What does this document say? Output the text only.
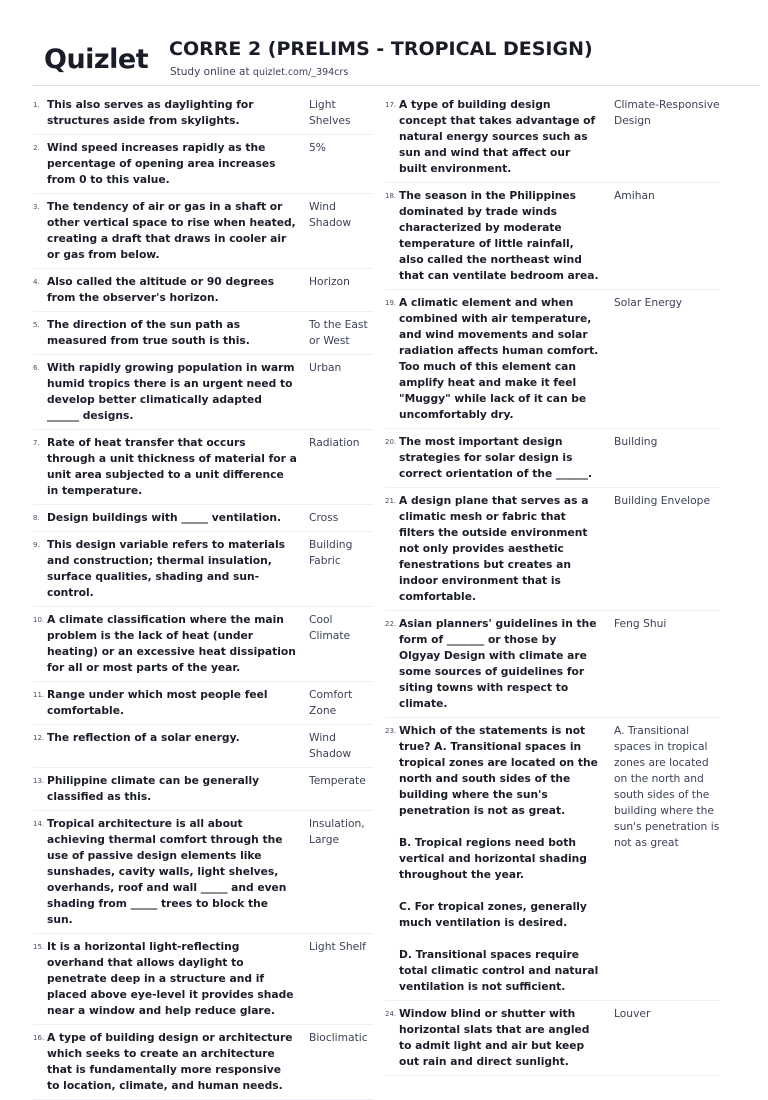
Quizlet CORRE 2 (PRELIMS - TROPICAL DESIGN)
Study online at quizlet.com/_394crs
1. This also serves as daylighting for structures aside from skylights.

Light Shelves
2. Wind speed increases rapidly as the percentage of opening area increases from 0 to this value.

5%
3. The tendency of air or gas in a shaft or other vertical space to rise when heated, creating a draft that draws in cooler air or gas from below.

Wind Shadow
4. Also called the altitude or 90 degrees from the observer's horizon.

Horizon
5. The direction of the sun path as measured from true south is this.

To the East or West
6. With rapidly growing population in warm humid tropics there is an urgent need to develop better climatically adapted ______ designs.

Urban
7. Rate of heat transfer that occurs through a unit thickness of material for a unit area subjected to a unit difference in temperature.

Radiation
8. Design buildings with _____ ventilation.	Cross
9. This design variable refers to materials and construction; thermal insulation, surface qualities, shading and sun-control.

Building Fabric
10. A climate classification where the main problem is the lack of heat (under heating) or an excessive heat dissipation for all or most parts of the year.

Cool Climate
11. Range under which most people feel comfortable.

Comfort Zone
12. The reflection of a solar energy.	Wind Shadow
13. Philippine climate can be generally classified as this.

Temperate
14. Tropical architecture is all about achieving thermal comfort through the use of passive design elements like sunshades, cavity walls, light shelves, overhands, roof and wall _____ and even shading from _____ trees to block the sun.

Insulation, Large
15. It is a horizontal light-reflecting overhand that allows daylight to penetrate deep in a structure and if placed above eye-level it provides shade near a window and help reduce glare.

Light Shelf
16. A type of building design or architecture which seeks to create an architecture that is fundamentally more responsive to location, climate, and human needs.

Bioclimatic
17. A type of building design concept that takes advantage of natural energy sources such as sun and wind that affect our built environment.

Climate-Responsive Design
18. The season in the Philippines dominated by trade winds characterized by moderate temperature of little rainfall, also called the northeast wind that can ventilate bedroom area.

Amihan
19. A climatic element and when combined with air temperature, and wind movements and solar radiation affects human comfort. Too much of this element can amplify heat and make it feel "Muggy" while lack of it can be uncomfortably dry.

Solar Energy
20. The most important design strategies for solar design is correct orientation of the ______.

Building
21. A design plane that serves as a climatic mesh or fabric that filters the outside environment not only provides aesthetic fenestrations but creates an indoor environment that is comfortable.

Building Envelope
22. Asian planners' guidelines in the form of _______ or those by Olgyay Design with climate are some sources of guidelines for siting towns with respect to climate.

Feng Shui
23. Which of the statements is not true? A. Transitional spaces in tropical zones are located on the north and south sides of the building where the sun's penetration is not as great.

B. Tropical regions need both vertical and horizontal shading throughout the year.

C. For tropical zones, generally much ventilation is desired.

D. Transitional spaces require total climatic control and natural ventilation is not sufficient.

A. Transitional spaces in tropical zones are located on the north and south sides of the building where the sun's penetration is not as great
24. Window blind or shutter with horizontal slats that are angled to admit light and air but keep out rain and direct sunlight.

Louver
